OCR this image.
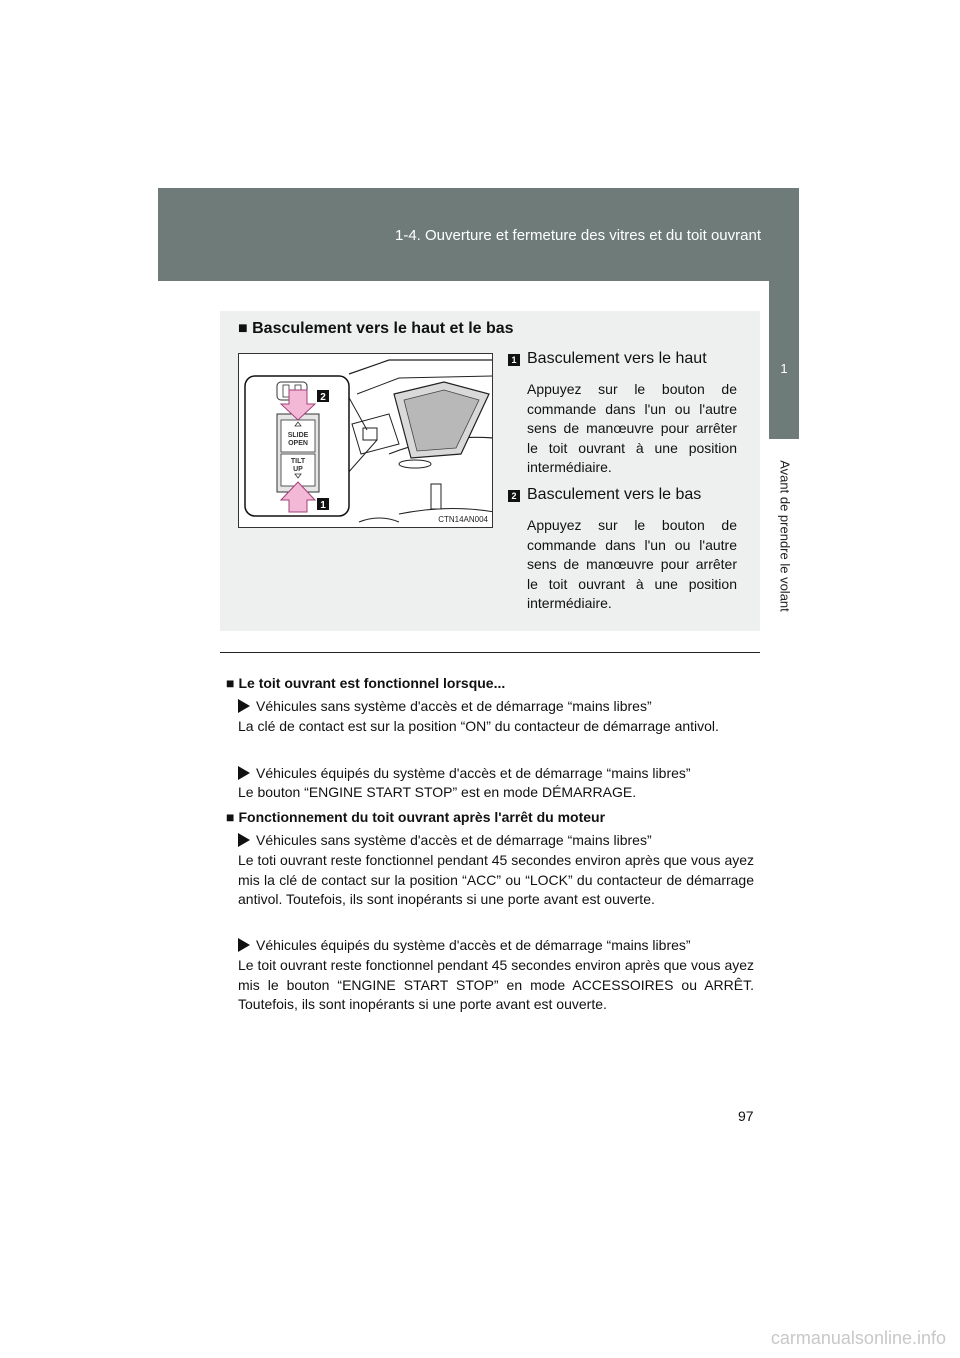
1-4. Ouverture et fermeture des vitres et du toit ouvrant
1
Avant de prendre le volant
■ Basculement vers le haut et le bas
SLIDE
OPEN
TILT
UP
2
1
CTN14AN004
1 Basculement vers le haut
Appuyez sur le bouton de commande dans l'un ou l'autre sens de manœuvre pour arrêter le toit ouvrant à une position intermédiaire.
2 Basculement vers le bas
Appuyez sur le bouton de commande dans l'un ou l'autre sens de manœuvre pour arrêter le toit ouvrant à une position intermédiaire.
■ Le toit ouvrant est fonctionnel lorsque...
Véhicules sans système d'accès et de démarrage “mains libres”
La clé de contact est sur la position “ON” du contacteur de démarrage antivol.
Véhicules équipés du système d'accès et de démarrage “mains libres”
Le bouton “ENGINE START STOP” est en mode DÉMARRAGE.
■ Fonctionnement du toit ouvrant après l'arrêt du moteur
Véhicules sans système d'accès et de démarrage “mains libres”
Le toti ouvrant reste fonctionnel pendant 45 secondes environ après que vous ayez mis la clé de contact sur la position “ACC” ou “LOCK” du contacteur de démarrage antivol. Toutefois, ils sont inopérants si une porte avant est ouverte.
Véhicules équipés du système d'accès et de démarrage “mains libres”
Le toit ouvrant reste fonctionnel pendant 45 secondes environ après que vous ayez mis le bouton “ENGINE START STOP” en mode ACCESSOIRES ou ARRÊT. Toutefois, ils sont inopérants si une porte avant est ouverte.
97
carmanualsonline.info
